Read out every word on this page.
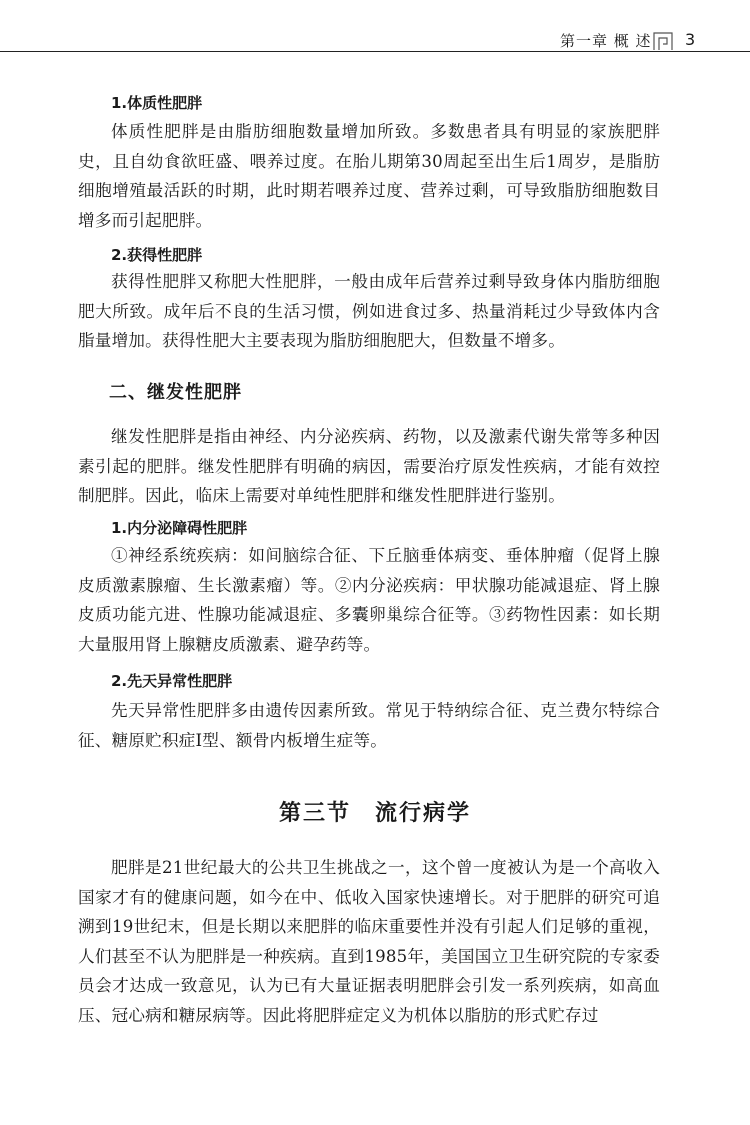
第一章 概 述 3
1.体质性肥胖

体质性肥胖是由脂肪细胞数量增加所致。多数患者具有明显的家族肥胖史，且自幼食欲旺盛、喂养过度。在胎儿期第30周起至出生后1周岁，是脂肪细胞增殖最活跃的时期，此时期若喂养过度、营养过剩，可导致脂肪细胞数目增多而引起肥胖。

2.获得性肥胖

获得性肥胖又称肥大性肥胖，一般由成年后营养过剩导致身体内脂肪细胞肥大所致。成年后不良的生活习惯，例如进食过多、热量消耗过少导致体内含脂量增加。获得性肥大主要表现为脂肪细胞肥大，但数量不增多。

二、继发性肥胖

继发性肥胖是指由神经、内分泌疾病、药物，以及激素代谢失常等多种因素引起的肥胖。继发性肥胖有明确的病因，需要治疗原发性疾病，才能有效控制肥胖。因此，临床上需要对单纯性肥胖和继发性肥胖进行鉴别。

1.内分泌障碍性肥胖

①神经系统疾病：如间脑综合征、下丘脑垂体病变、垂体肿瘤（促肾上腺皮质激素腺瘤、生长激素瘤）等。②内分泌疾病：甲状腺功能减退症、肾上腺皮质功能亢进、性腺功能减退症、多囊卵巢综合征等。③药物性因素：如长期大量服用肾上腺糖皮质激素、避孕药等。

2.先天异常性肥胖

先天异常性肥胖多由遗传因素所致。常见于特纳综合征、克兰费尔特综合征、糖原贮积症Ⅰ型、额骨内板增生症等。

第三节　流行病学

肥胖是21世纪最大的公共卫生挑战之一，这个曾一度被认为是一个高收入国家才有的健康问题，如今在中、低收入国家快速增长。对于肥胖的研究可追溯到19世纪末，但是长期以来肥胖的临床重要性并没有引起人们足够的重视，人们甚至不认为肥胖是一种疾病。直到1985年，美国国立卫生研究院的专家委员会才达成一致意见，认为已有大量证据表明肥胖会引发一系列疾病，如高血压、冠心病和糖尿病等。因此将肥胖症定义为机体以脂肪的形式贮存过
